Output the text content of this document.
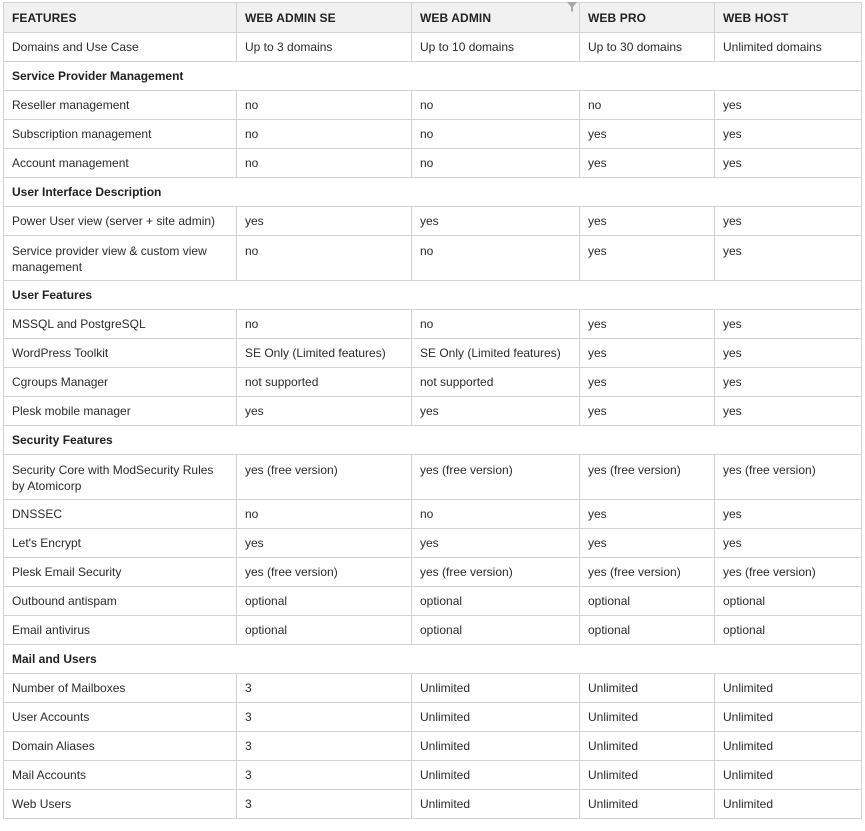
FEATURES	WEB ADMIN SE	WEB ADMIN	WEB PRO	WEB HOST
Domains and Use Case	Up to 3 domains	Up to 10 domains	Up to 30 domains	Unlimited domains
Service Provider Management				
Reseller management	no	no	no	yes
Subscription management	no	no	yes	yes
Account management	no	no	yes	yes
User Interface Description				
Power User view (server + site admin)	yes	yes	yes	yes
Service provider view & custom view management	no	no	yes	yes
User Features				
MSSQL and PostgreSQL	no	no	yes	yes
WordPress Toolkit	SE Only (Limited features)	SE Only (Limited features)	yes	yes
Cgroups Manager	not supported	not supported	yes	yes
Plesk mobile manager	yes	yes	yes	yes
Security Features				
Security Core with ModSecurity Rules by Atomicorp	yes (free version)	yes (free version)	yes (free version)	yes (free version)
DNSSEC	no	no	yes	yes
Let's Encrypt	yes	yes	yes	yes
Plesk Email Security	yes (free version)	yes (free version)	yes (free version)	yes (free version)
Outbound antispam	optional	optional	optional	optional
Email antivirus	optional	optional	optional	optional
Mail and Users				
Number of Mailboxes	3	Unlimited	Unlimited	Unlimited
User Accounts	3	Unlimited	Unlimited	Unlimited
Domain Aliases	3	Unlimited	Unlimited	Unlimited
Mail Accounts	3	Unlimited	Unlimited	Unlimited
Web Users	3	Unlimited	Unlimited	Unlimited
